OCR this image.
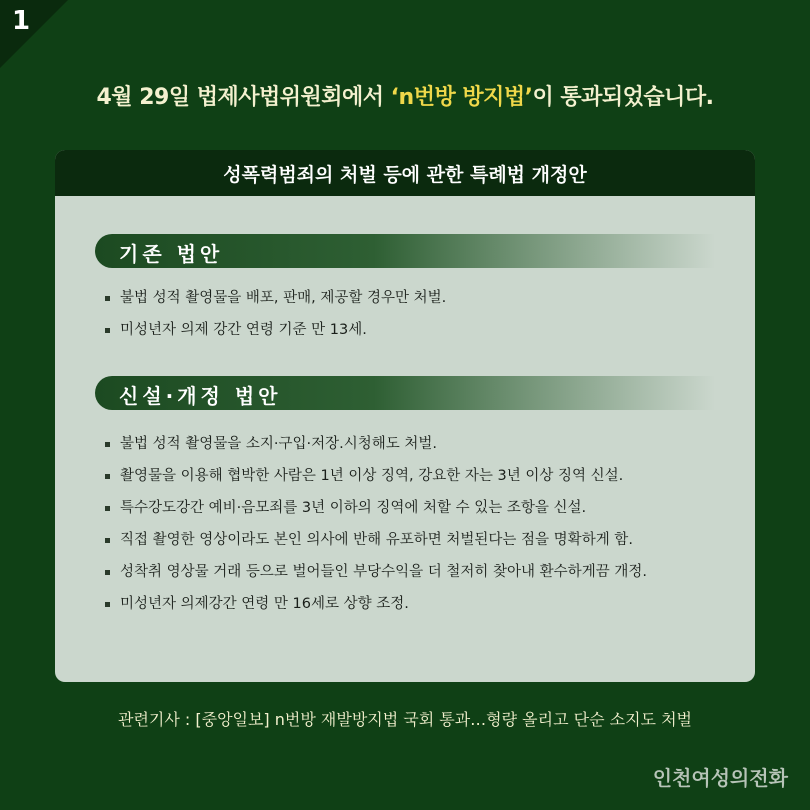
1
4월 29일 법제사법위원회에서 ‘n번방 방지법’이 통과되었습니다.
성폭력범죄의 처벌 등에 관한 특례법 개정안
기존 법안
불법 성적 촬영물을 배포, 판매, 제공할 경우만 처벌.
미성년자 의제 강간 연령 기준 만 13세.
신설·개정 법안
불법 성적 촬영물을 소지·구입·저장.시청해도 처벌.
촬영물을 이용해 협박한 사람은 1년 이상 징역, 강요한 자는 3년 이상 징역 신설.
특수강도강간 예비·음모죄를 3년 이하의 징역에 처할 수 있는 조항을 신설.
직접 촬영한 영상이라도 본인 의사에 반해 유포하면 처벌된다는 점을 명확하게 함.
성착취 영상물 거래 등으로 벌어들인 부당수익을 더 철저히 찾아내 환수하게끔 개정.
미성년자 의제강간 연령 만 16세로 상향 조정.
관련기사 : [중앙일보] n번방 재발방지법 국회 통과…형량 올리고 단순 소지도 처벌
인천여성의전화
